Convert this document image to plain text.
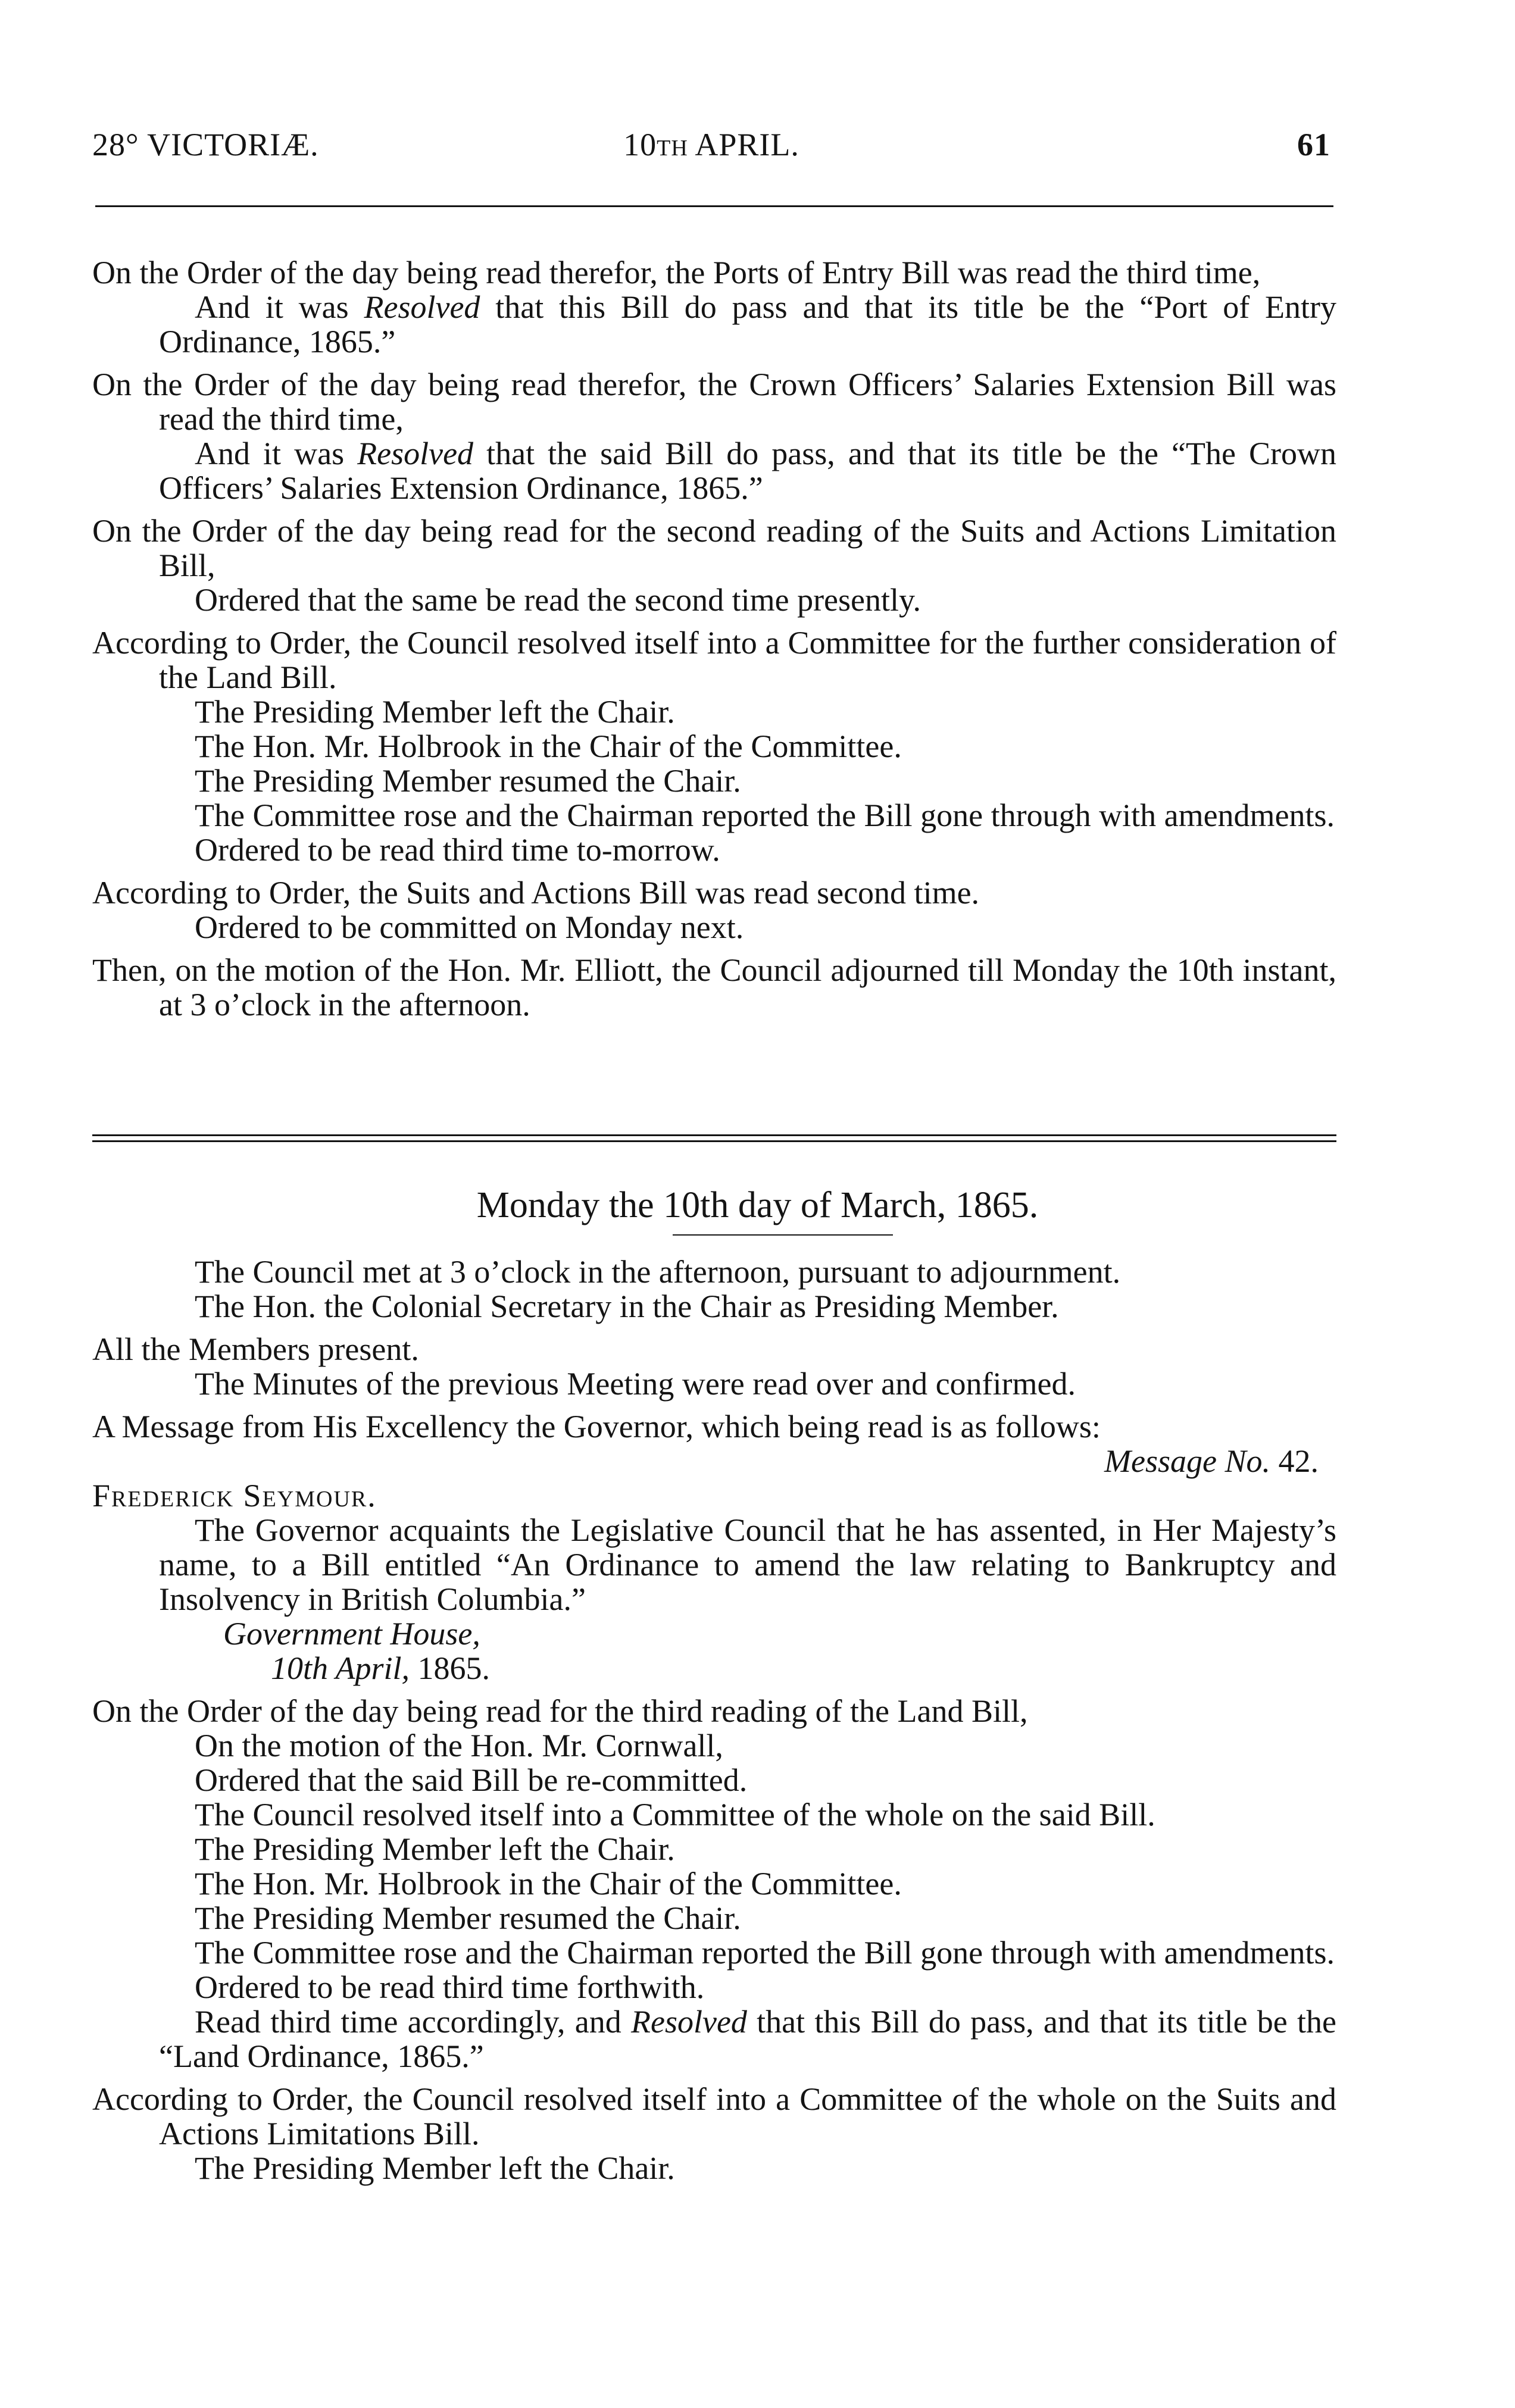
28° VICTORIÆ.	10th APRIL.	61
On the Order of the day being read therefor, the Ports of Entry Bill was read the third time,
And it was Resolved that this Bill do pass and that its title be the “Port of Entry Ordinance, 1865.”
On the Order of the day being read therefor, the Crown Officers’ Salaries Extension Bill was read the third time,
And it was Resolved that the said Bill do pass, and that its title be the “The Crown Officers’ Salaries Extension Ordinance, 1865.”
On the Order of the day being read for the second reading of the Suits and Actions Limitation Bill,
Ordered that the same be read the second time presently.
According to Order, the Council resolved itself into a Committee for the further consideration of the Land Bill.
The Presiding Member left the Chair.
The Hon. Mr. Holbrook in the Chair of the Committee.
The Presiding Member resumed the Chair.
The Committee rose and the Chairman reported the Bill gone through with amendments.
Ordered to be read third time to-morrow.
According to Order, the Suits and Actions Bill was read second time.
Ordered to be committed on Monday next.
Then, on the motion of the Hon. Mr. Elliott, the Council adjourned till Monday the 10th instant, at 3 o’clock in the afternoon.
Monday the 10th day of March, 1865.
The Council met at 3 o’clock in the afternoon, pursuant to adjournment.
The Hon. the Colonial Secretary in the Chair as Presiding Member.
All the Members present.
The Minutes of the previous Meeting were read over and confirmed.
A Message from His Excellency the Governor, which being read is as follows:
Message No. 42.
Frederick Seymour.
The Governor acquaints the Legislative Council that he has assented, in Her Majesty’s name, to a Bill entitled “An Ordinance to amend the law relating to Bankruptcy and Insolvency in British Columbia.”
Government House,
10th April, 1865.
On the Order of the day being read for the third reading of the Land Bill,
On the motion of the Hon. Mr. Cornwall,
Ordered that the said Bill be re-committed.
The Council resolved itself into a Committee of the whole on the said Bill.
The Presiding Member left the Chair.
The Hon. Mr. Holbrook in the Chair of the Committee.
The Presiding Member resumed the Chair.
The Committee rose and the Chairman reported the Bill gone through with amendments.
Ordered to be read third time forthwith.
Read third time accordingly, and Resolved that this Bill do pass, and that its title be the “Land Ordinance, 1865.”
According to Order, the Council resolved itself into a Committee of the whole on the Suits and Actions Limitations Bill.
The Presiding Member left the Chair.
